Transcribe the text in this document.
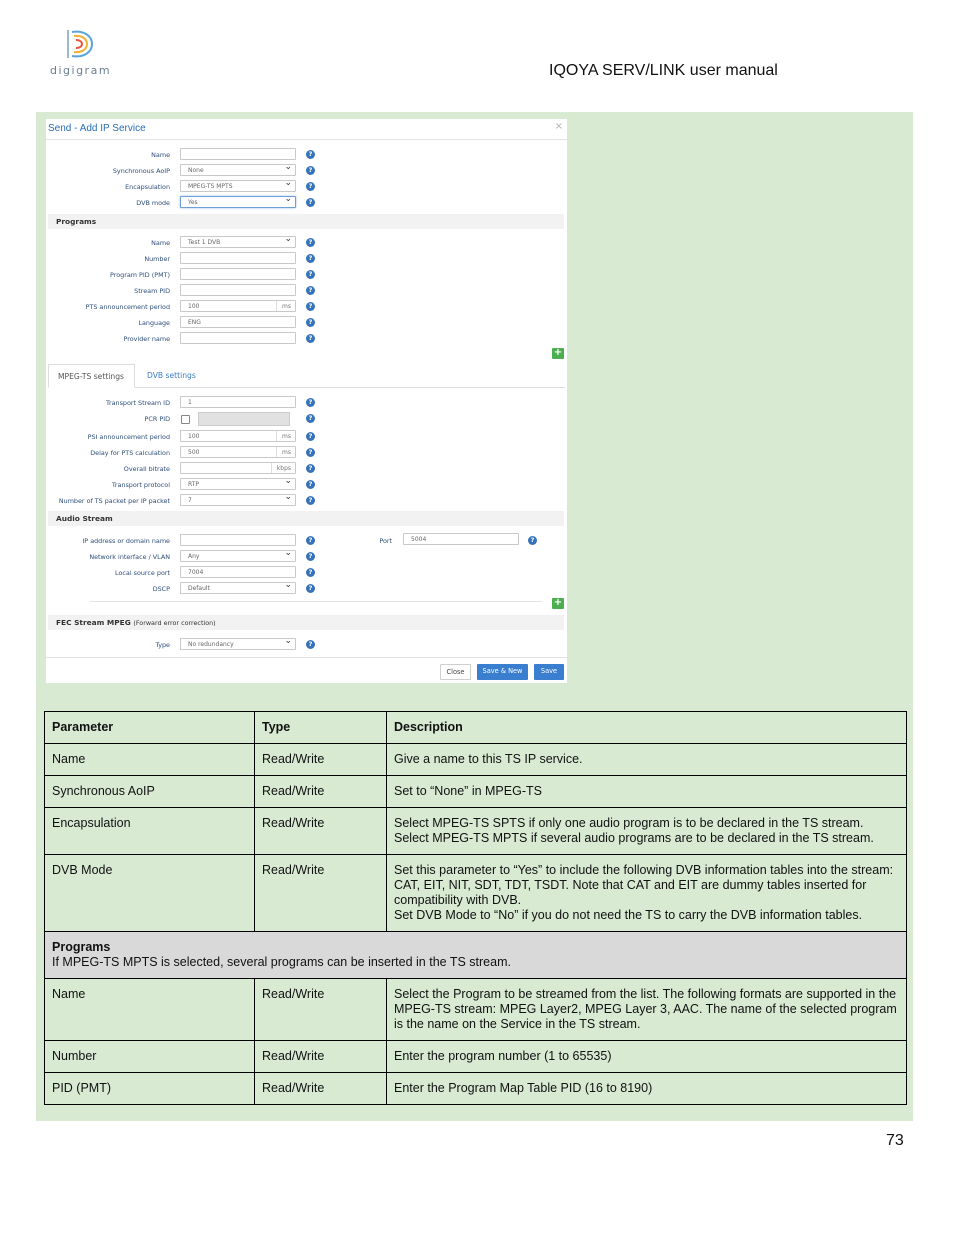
digigram	IQOYA SERV/LINK user manual
Send - Add IP Service	×
Name	?
Synchronous AoIP	None ⌄	?
Encapsulation	MPEG-TS MPTS ⌄	?
DVB mode	Yes ⌄	?
Programs
Name	Test 1 DVB ⌄	?
Number	?
Program PID (PMT)	?
Stream PID	?
PTS announcement period	100	ms	?
Language	ENG	?
Provider name	?
+
MPEG-TS settings	DVB settings
Transport Stream ID	1	?
PCR PID	?
PSI announcement period	100	ms	?
Delay for PTS calculation	500	ms	?
Overall bitrate	kbps	?
Transport protocol	RTP ⌄	?
Number of TS packet per IP packet	7 ⌄	?
Audio Stream
IP address or domain name	?	Port	5004	?
Network interface / VLAN	Any ⌄	?
Local source port	7004	?
DSCP	Default ⌄	?
+
FEC Stream MPEG (Forward error correction)
Type	No redundancy ⌄	?
Close	Save & New	Save
Parameter	Type	Description
Name	Read/Write	Give a name to this TS IP service.
Synchronous AoIP	Read/Write	Set to “None” in MPEG-TS
Encapsulation	Read/Write	Select MPEG-TS SPTS if only one audio program is to be declared in the TS stream.
Select MPEG-TS MPTS if several audio programs are to be declared in the TS stream.

DVB Mode	Read/Write	Set this parameter to “Yes” to include the following DVB information tables into the stream: CAT, EIT, NIT, SDT, TDT, TSDT. Note that CAT and EIT are dummy tables inserted for compatibility with DVB.
Set DVB Mode to “No” if you do not need the TS to carry the DVB information tables.

Programs
If MPEG-TS MPTS is selected, several programs can be inserted in the TS stream.		

Name	Read/Write	Select the Program to be streamed from the list. The following formats are supported in the MPEG-TS stream: MPEG Layer2, MPEG Layer 3, AAC. The name of the selected program is the name on the Service in the TS stream.
Number	Read/Write	Enter the program number (1 to 65535)
PID (PMT)	Read/Write	Enter the Program Map Table PID (16 to 8190)
73
